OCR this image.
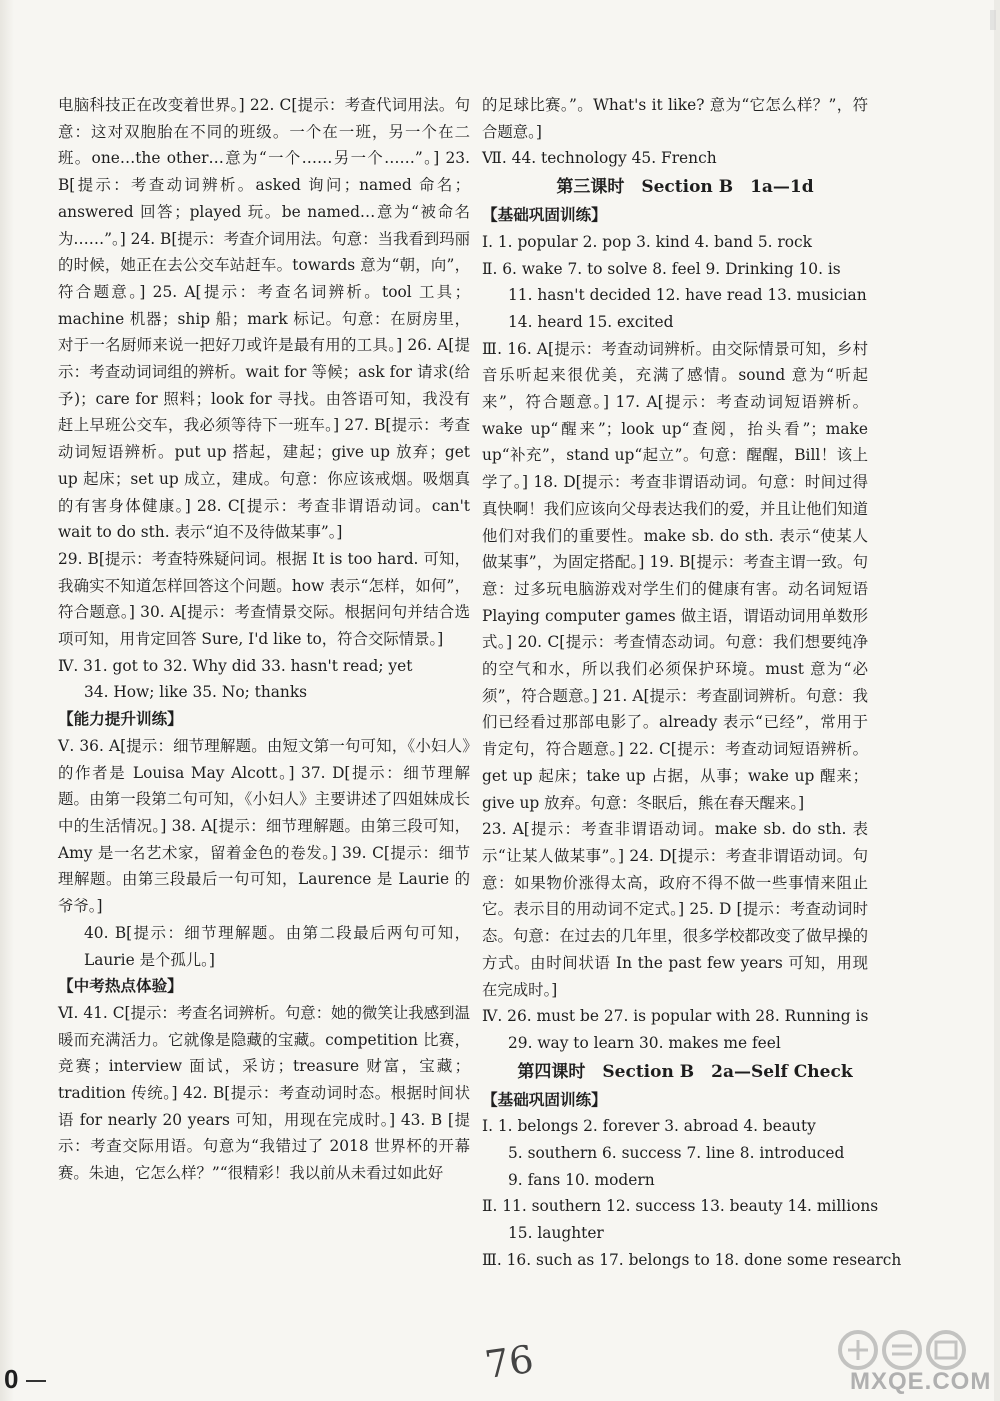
电脑科技正在改变着世界。] 22. C[提示：考查代词用法。句意：这对双胞胎在不同的班级。一个在一班，另一个在二班。one…the other…意为“一个……另一个……”。] 23. B[提示：考查动词辨析。asked 询问；named 命名；answered 回答；played 玩。be named…意为“被命名为……”。] 24. B[提示：考查介词用法。句意：当我看到玛丽的时候，她正在去公交车站赶车。towards 意为“朝，向”，符合题意。] 25. A[提示：考查名词辨析。tool 工具；machine 机器；ship 船；mark 标记。句意：在厨房里，对于一名厨师来说一把好刀或许是最有用的工具。] 26. A[提示：考查动词词组的辨析。wait for 等候；ask for 请求(给予)；care for 照料；look for 寻找。由答语可知，我没有赶上早班公交车，我必须等待下一班车。] 27. B[提示：考查动词短语辨析。put up 搭起，建起；give up 放弃；get up 起床；set up 成立，建成。句意：你应该戒烟。吸烟真的有害身体健康。] 28. C[提示：考查非谓语动词。can't wait to do sth. 表示“迫不及待做某事”。]

29. B[提示：考查特殊疑问词。根据 It is too hard. 可知，我确实不知道怎样回答这个问题。how 表示“怎样，如何”，符合题意。] 30. A[提示：考查情景交际。根据问句并结合选项可知，用肯定回答 Sure, I'd like to，符合交际情景。]

Ⅳ. 31. got to 32. Why did 33. hasn't read; yet

34. How; like 35. No; thanks

【能力提升训练】

Ⅴ. 36. A[提示：细节理解题。由短文第一句可知，《小妇人》的作者是 Louisa May Alcott。] 37. D[提示：细节理解题。由第一段第二句可知，《小妇人》主要讲述了四姐妹成长中的生活情况。] 38. A[提示：细节理解题。由第三段可知，Amy 是一名艺术家，留着金色的卷发。] 39. C[提示：细节理解题。由第三段最后一句可知，Laurence 是 Laurie 的爷爷。]

40. B[提示：细节理解题。由第二段最后两句可知，Laurie 是个孤儿。]

【中考热点体验】

Ⅵ. 41. C[提示：考查名词辨析。句意：她的微笑让我感到温暖而充满活力。它就像是隐藏的宝藏。competition 比赛，竞赛；interview 面试，采访；treasure 财富，宝藏；tradition 传统。] 42. B[提示：考查动词时态。根据时间状语 for nearly 20 years 可知，用现在完成时。] 43. B [提示：考查交际用语。句意为“我错过了 2018 世界杯的开幕赛。朱迪，它怎么样？”“很精彩！我以前从未看过如此好

的足球比赛。”。What's it like? 意为“它怎么样？”，符合题意。]

Ⅶ. 44. technology 45. French

第三课时　Section B　1a—1d

【基础巩固训练】

Ⅰ. 1. popular 2. pop 3. kind 4. band 5. rock

Ⅱ. 6. wake 7. to solve 8. feel 9. Drinking 10. is

11. hasn't decided 12. have read 13. musician

14. heard 15. excited

Ⅲ. 16. A[提示：考查动词辨析。由交际情景可知，乡村音乐听起来很优美，充满了感情。sound 意为“听起来”，符合题意。] 17. A[提示：考查动词短语辨析。wake up“醒来”；look up“查阅，抬头看”；make up“补充”，stand up“起立”。句意：醒醒，Bill！该上学了。] 18. D[提示：考查非谓语动词。句意：时间过得真快啊！我们应该向父母表达我们的爱，并且让他们知道他们对我们的重要性。make sb. do sth. 表示“使某人做某事”，为固定搭配。] 19. B[提示：考查主谓一致。句意：过多玩电脑游戏对学生们的健康有害。动名词短语 Playing computer games 做主语，谓语动词用单数形式。] 20. C[提示：考查情态动词。句意：我们想要纯净的空气和水，所以我们必须保护环境。must 意为“必须”，符合题意。] 21. A[提示：考查副词辨析。句意：我们已经看过那部电影了。already 表示“已经”，常用于肯定句，符合题意。] 22. C[提示：考查动词短语辨析。get up 起床；take up 占据，从事；wake up 醒来；give up 放弃。句意：冬眠后，熊在春天醒来。]

23. A[提示：考查非谓语动词。make sb. do sth. 表示“让某人做某事”。] 24. D[提示：考查非谓语动词。句意：如果物价涨得太高，政府不得不做一些事情来阻止它。表示目的用动词不定式。] 25. D [提示：考查动词时态。句意：在过去的几年里，很多学校都改变了做早操的方式。由时间状语 In the past few years 可知，用现在完成时。]

Ⅳ. 26. must be 27. is popular with 28. Running is

29. way to learn 30. makes me feel

第四课时　Section B　2a—Self Check

【基础巩固训练】

Ⅰ. 1. belongs 2. forever 3. abroad 4. beauty

5. southern 6. success 7. line 8. introduced

9. fans 10. modern

Ⅱ. 11. southern 12. success 13. beauty 14. millions

15. laughter

Ⅲ. 16. such as 17. belongs to 18. done some research

0	76	MXQE.COM
